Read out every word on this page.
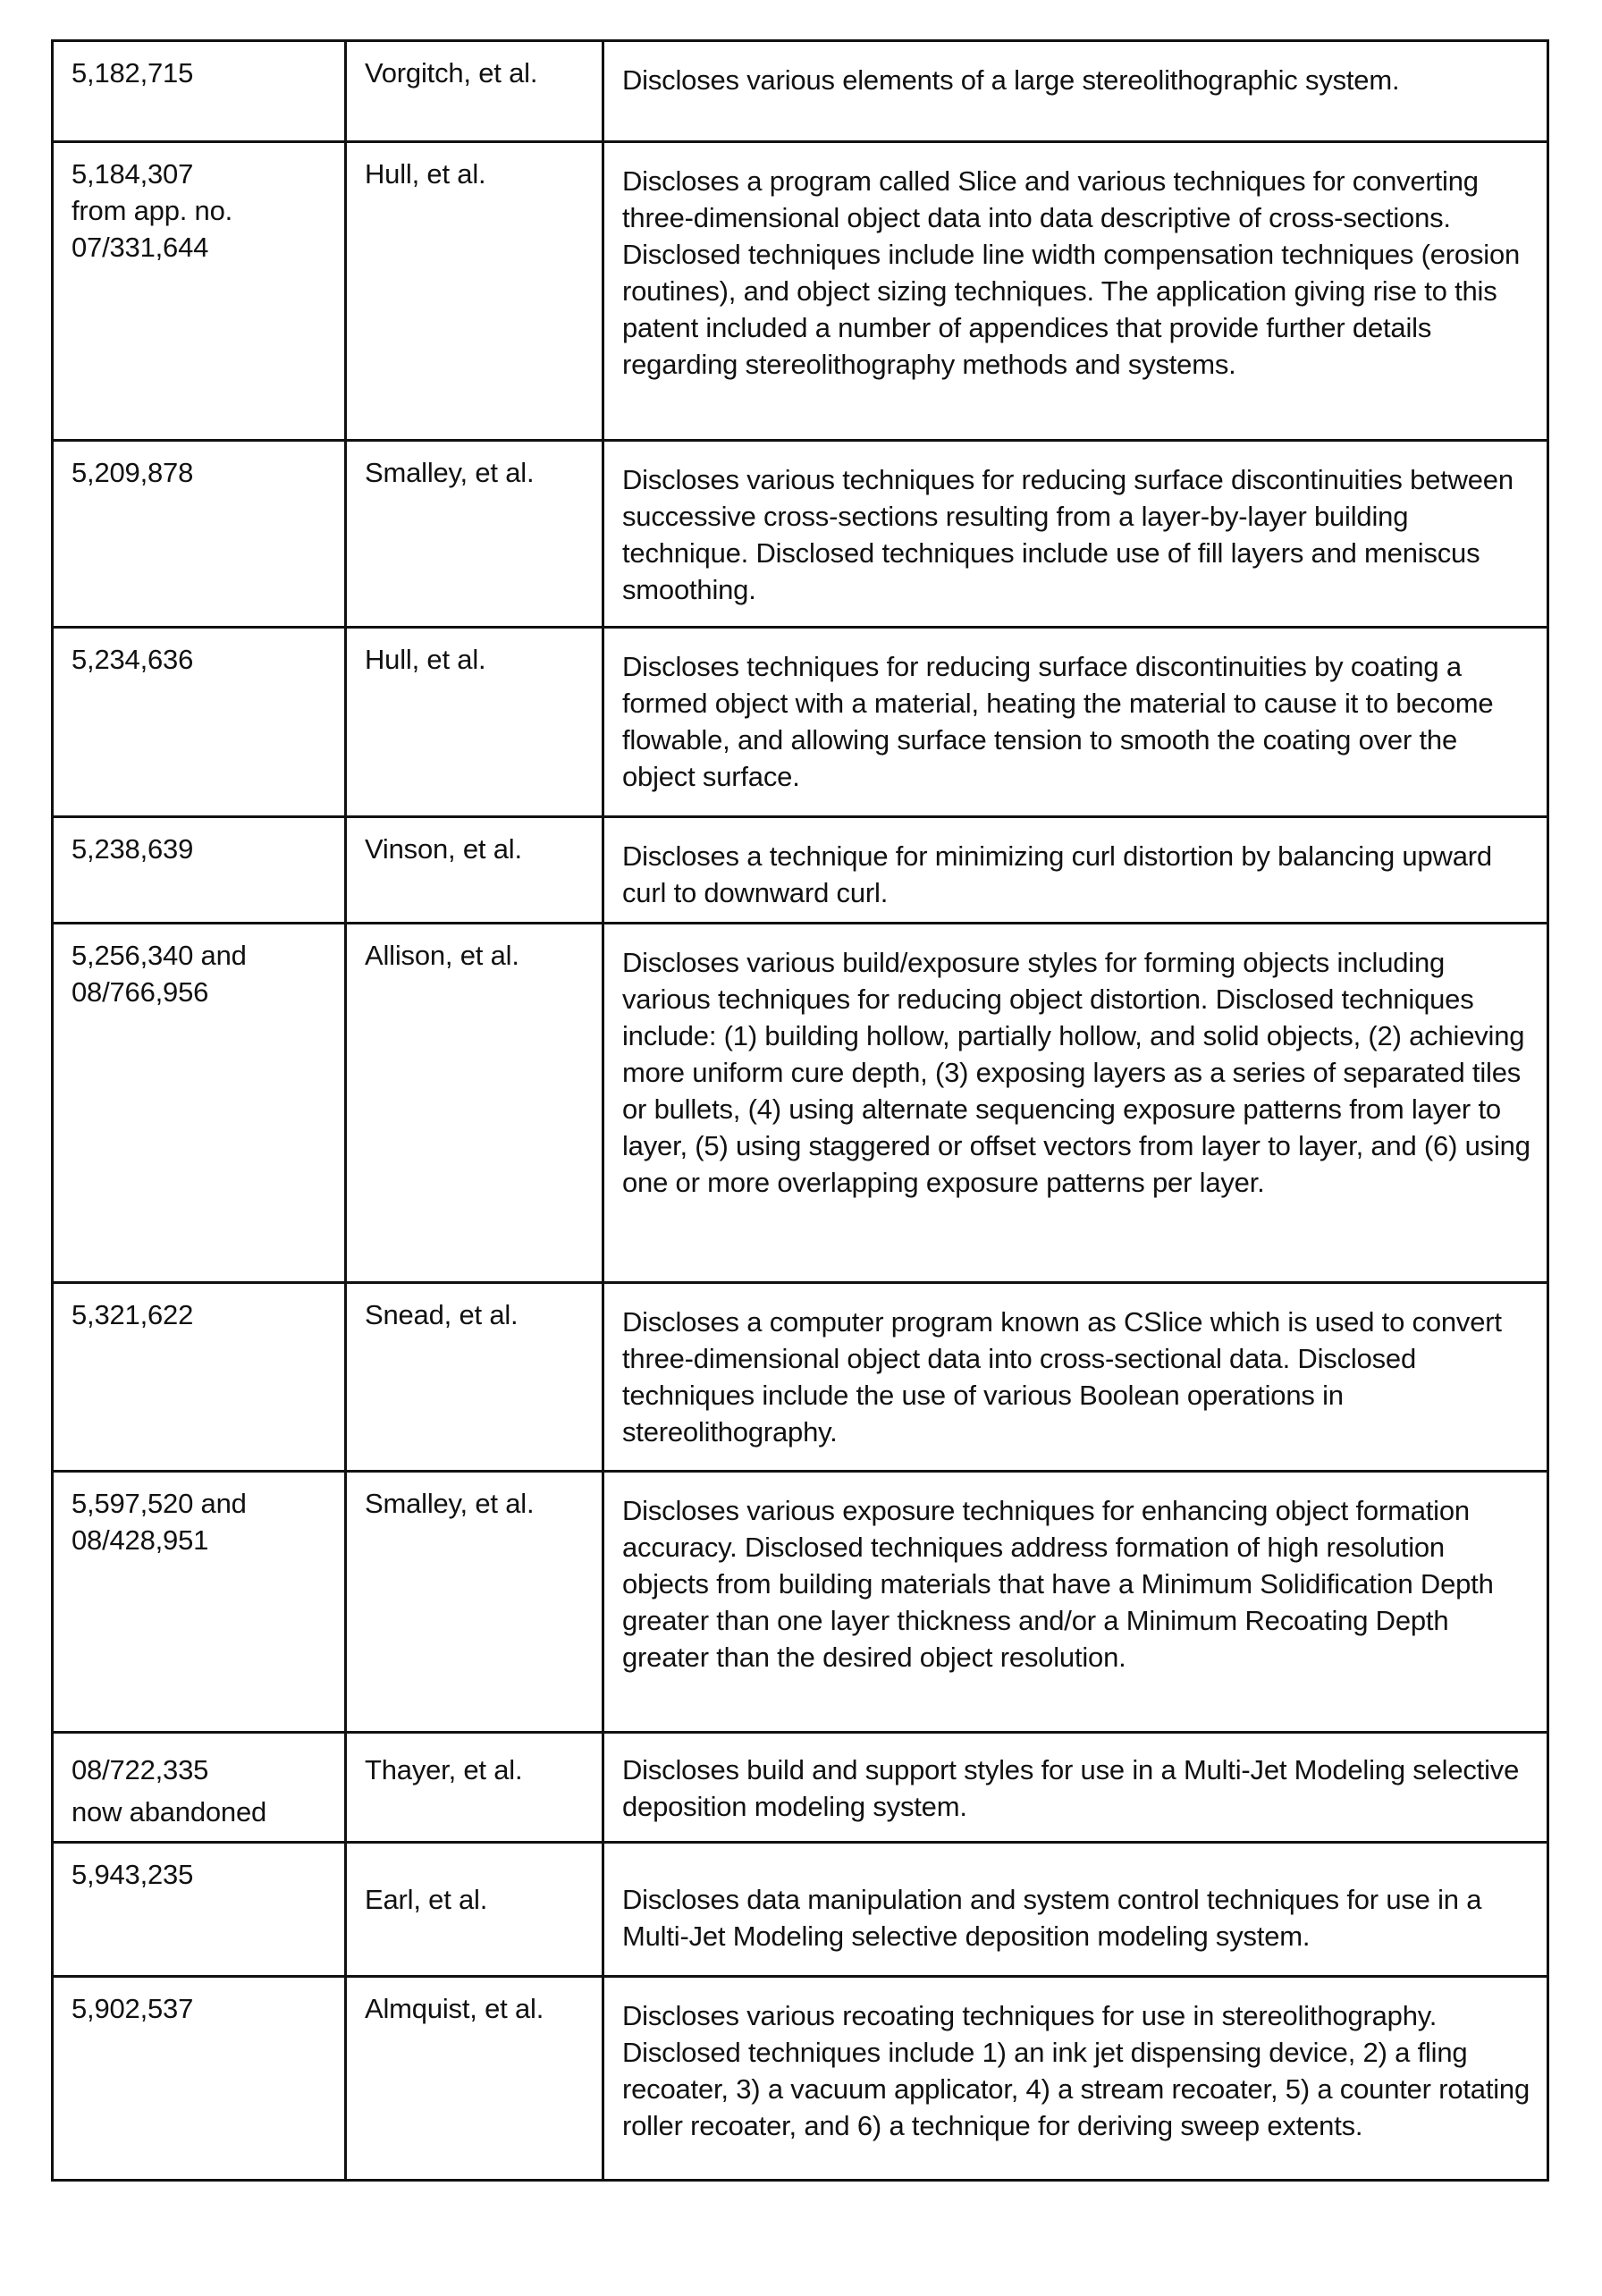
5,182,715	Vorgitch, et al.	Discloses various elements of a large stereolithographic system.

5,184,307
from app. no.
07/331,644
	Hull, et al.	Discloses a program called Slice and various techniques for converting three-dimensional object data into data descriptive of cross-sections. Disclosed techniques include line width compensation techniques (erosion routines), and object sizing techniques. The application giving rise to this patent included a number of appendices that provide further details regarding stereolithography methods and systems.

5,209,878	Smalley, et al.	Discloses various techniques for reducing surface discontinuities between successive cross-sections resulting from a layer-by-layer building technique. Disclosed techniques include use of fill layers and meniscus smoothing.

5,234,636	Hull, et al.	Discloses techniques for reducing surface discontinuities by coating a formed object with a material, heating the material to cause it to become flowable, and allowing surface tension to smooth the coating over the object surface.

5,238,639	Vinson, et al.	Discloses a technique for minimizing curl distortion by balancing upward curl to downward curl.

5,256,340 and
08/766,956	Allison, et al.	Discloses various build/exposure styles for forming objects including various techniques for reducing object distortion. Disclosed techniques include: (1) building hollow, partially hollow, and solid objects, (2) achieving more uniform cure depth, (3) exposing layers as a series of separated tiles or bullets, (4) using alternate sequencing exposure patterns from layer to layer, (5) using staggered or offset vectors from layer to layer, and (6) using one or more overlapping exposure patterns per layer.

5,321,622	Snead, et al.	Discloses a computer program known as CSlice which is used to convert three-dimensional object data into cross-sectional data. Disclosed techniques include the use of various Boolean operations in stereolithography.

5,597,520 and
08/428,951	Smalley, et al.	Discloses various exposure techniques for enhancing object formation accuracy. Disclosed techniques address formation of high resolution objects from building materials that have a Minimum Solidification Depth greater than one layer thickness and/or a Minimum Recoating Depth greater than the desired object resolution.

08/722,335
now abandoned	Thayer, et al.	Discloses build and support styles for use in a Multi-Jet Modeling selective deposition modeling system.

5,943,235	Earl, et al.	Discloses data manipulation and system control techniques for use in a Multi-Jet Modeling selective deposition modeling system.

5,902,537	Almquist, et al.	Discloses various recoating techniques for use in stereolithography. Disclosed techniques include 1) an ink jet dispensing device, 2) a fling recoater, 3) a vacuum applicator, 4) a stream recoater, 5) a counter rotating roller recoater, and 6) a technique for deriving sweep extents.
